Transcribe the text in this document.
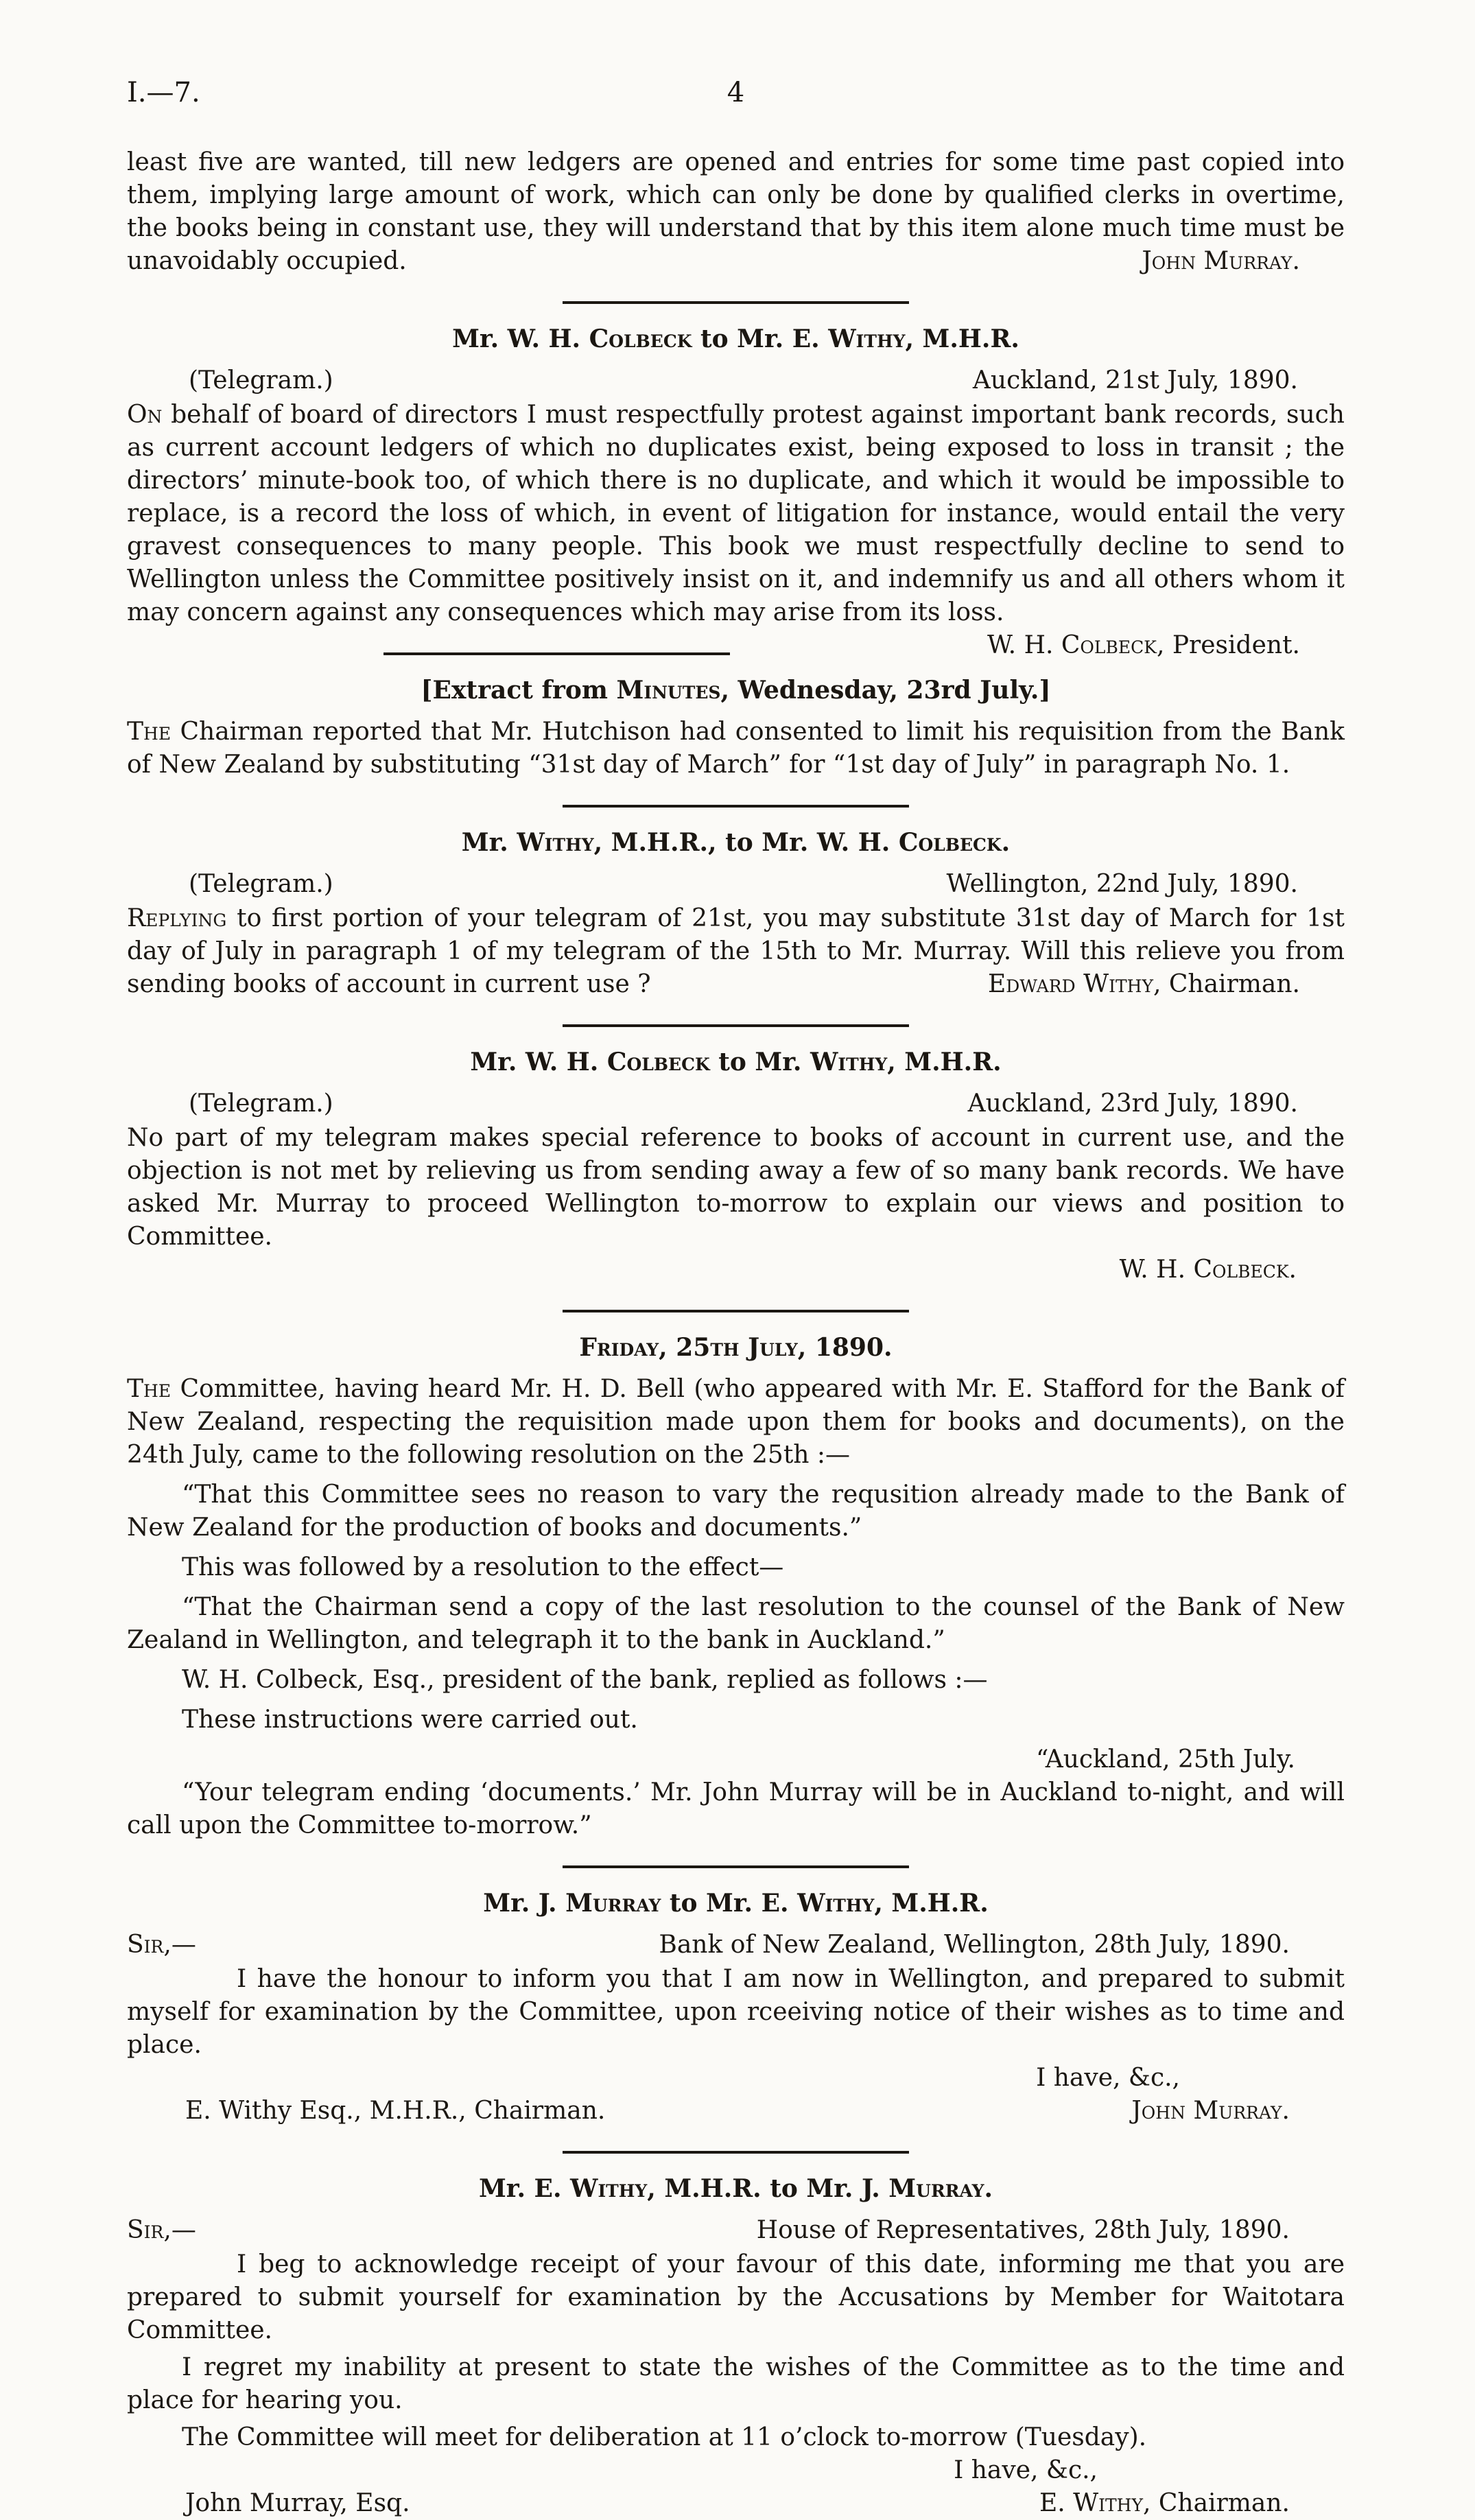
I.—7.	4

least five are wanted, till new ledgers are opened and entries for some time past copied into them, implying large amount of work, which can only be done by qualified clerks in overtime, the books being in constant use, they will understand that by this item alone much time must be unavoidably occupied.	John Murray.

Mr. W. H. Colbeck to Mr. E. Withy, M.H.R.
(Telegram.)	Auckland, 21st July, 1890.

On behalf of board of directors I must respectfully protest against important bank records, such as current account ledgers of which no duplicates exist, being exposed to loss in transit ; the directors’ minute-book too, of which there is no duplicate, and which it would be impossible to replace, is a record the loss of which, in event of litigation for instance, would entail the very gravest consequences to many people. This book we must respectfully decline to send to Wellington unless the Committee positively insist on it, and indemnify us and all others whom it may concern against any consequences which may arise from its loss.
W. H. Colbeck, President.

[Extract from Minutes, Wednesday, 23rd July.]

The Chairman reported that Mr. Hutchison had consented to limit his requisition from the Bank of New Zealand by substituting “31st day of March” for “1st day of July” in paragraph No. 1.

Mr. Withy, M.H.R., to Mr. W. H. Colbeck.
(Telegram.)	Wellington, 22nd July, 1890.

Replying to first portion of your telegram of 21st, you may substitute 31st day of March for 1st day of July in paragraph 1 of my telegram of the 15th to Mr. Murray. Will this relieve you from sending books of account in current use ?	Edward Withy, Chairman.

Mr. W. H. Colbeck to Mr. Withy, M.H.R.
(Telegram.)	Auckland, 23rd July, 1890.

No part of my telegram makes special reference to books of account in current use, and the objection is not met by relieving us from sending away a few of so many bank records. We have asked Mr. Murray to proceed Wellington to-morrow to explain our views and position to Committee.

W. H. Colbeck.
Friday, 25th July, 1890.

The Committee, having heard Mr. H. D. Bell (who appeared with Mr. E. Stafford for the Bank of New Zealand, respecting the requisition made upon them for books and documents), on the 24th July, came to the following resolution on the 25th :—

“That this Committee sees no reason to vary the requsition already made to the Bank of New Zealand for the production of books and documents.”

This was followed by a resolution to the effect—

“That the Chairman send a copy of the last resolution to the counsel of the Bank of New Zealand in Wellington, and telegraph it to the bank in Auckland.”

W. H. Colbeck, Esq., president of the bank, replied as follows :—

These instructions were carried out.

“Auckland, 25th July.

“Your telegram ending ‘documents.’ Mr. John Murray will be in Auckland to-night, and will call upon the Committee to-morrow.”

Mr. J. Murray to Mr. E. Withy, M.H.R.
Sir,—	Bank of New Zealand, Wellington, 28th July, 1890.

I have the honour to inform you that I am now in Wellington, and prepared to submit myself for examination by the Committee, upon rceeiving notice of their wishes as to time and place.

I have, &c.,
E. Withy Esq., M.H.R., Chairman.	John Murray.
Mr. E. Withy, M.H.R. to Mr. J. Murray.
Sir,—	House of Representatives, 28th July, 1890.

I beg to acknowledge receipt of your favour of this date, informing me that you are prepared to submit yourself for examination by the Accusations by Member for Waitotara Committee.

I regret my inability at present to state the wishes of the Committee as to the time and place for hearing you.

The Committee will meet for deliberation at 11 o’clock to-morrow (Tuesday).

I have, &c.,
John Murray, Esq.	E. Withy, Chairman.
